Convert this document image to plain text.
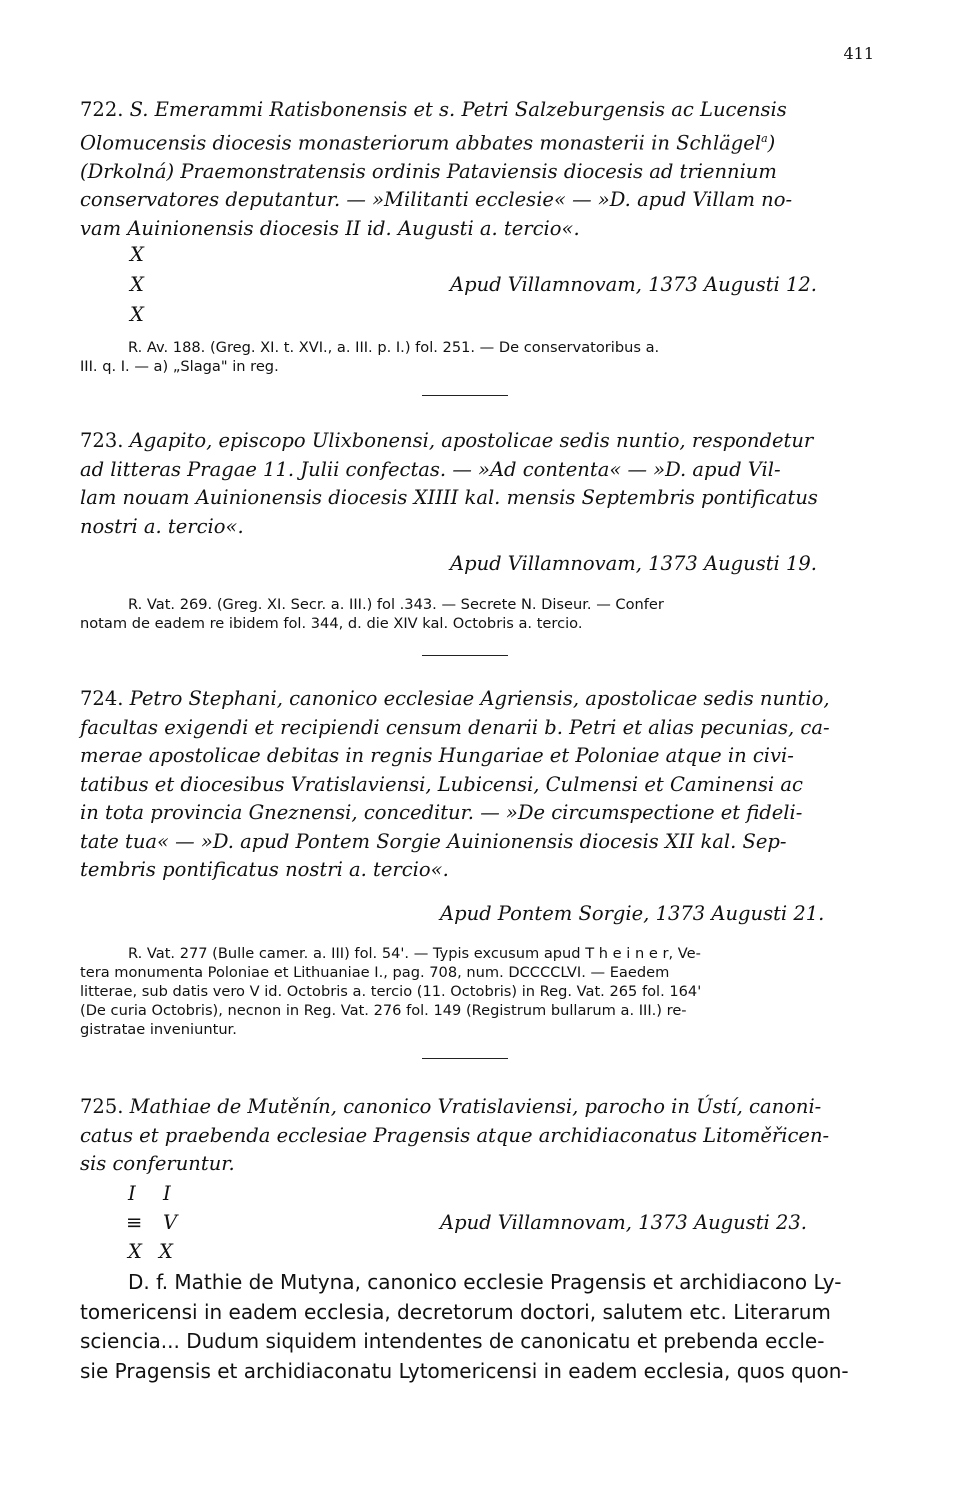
411
722. S. Emerammi Ratisbonensis et s. Petri Salzeburgensis ac Lucensis
Olomucensis diocesis monasteriorum abbates monasterii in Schlägel$^a$)
(Drkolná) Praemonstratensis ordinis Pataviensis diocesis ad triennium
conservatores deputantur. — »Militanti ecclesie« — »D. apud Villam no-
vam Auinionensis diocesis II id. Augusti a. tercio«.
X
X
X
Apud Villamnovam, 1373 Augusti 12.
R. Av. 188. (Greg. XI. t. XVI., a. III. p. I.) fol. 251. — De conservatoribus a.
III. q. I. — a) „Slaga" in reg.
723. Agapito, episcopo Ulixbonensi, apostolicae sedis nuntio, respondetur
ad litteras Pragae 11. Julii confectas. — »Ad contenta« — »D. apud Vil-
lam nouam Auinionensis diocesis XIIII kal. mensis Septembris pontificatus
nostri a. tercio«.
Apud Villamnovam, 1373 Augusti 19.
R. Vat. 269. (Greg. XI. Secr. a. III.) fol .343. — Secrete N. Diseur. — Confer
notam de eadem re ibidem fol. 344, d. die XIV kal. Octobris a. tercio.
724. Petro Stephani, canonico ecclesiae Agriensis, apostolicae sedis nuntio,
facultas exigendi et recipiendi censum denarii b. Petri et alias pecunias, ca-
merae apostolicae debitas in regnis Hungariae et Poloniae atque in civi-
tatibus et diocesibus Vratislaviensi, Lubicensi, Culmensi et Caminensi ac
in tota provincia Gneznensi, conceditur. — »De circumspectione et fideli-
tate tua« — »D. apud Pontem Sorgie Auinionensis diocesis XII kal. Sep-
tembris pontificatus nostri a. tercio«.
Apud Pontem Sorgie, 1373 Augusti 21.
R. Vat. 277 (Bulle camer. a. III) fol. 54'. — Typis excusum apud T h e i n e r, Ve-
tera monumenta Poloniae et Lithuaniae I., pag. 708, num. DCCCCLVI. — Eaedem
litterae, sub datis vero V id. Octobris a. tercio (11. Octobris) in Reg. Vat. 265 fol. 164'
(De curia Octobris), necnon in Reg. Vat. 276 fol. 149 (Registrum bullarum a. III.) re-
gistratae inveniuntur.
725. Mathiae de Mutěnín, canonico Vratislaviensi, parocho in Ústí, canoni-
catus et praebenda ecclesiae Pragensis atque archidiaconatus Litoměřicen-
sis conferuntur.
I I
≡ V
X X
Apud Villamnovam, 1373 Augusti 23.
D. f. Mathie de Mutyna, canonico ecclesie Pragensis et archidiacono Ly-
tomericensi in eadem ecclesia, decretorum doctori, salutem etc. Literarum
sciencia... Dudum siquidem intendentes de canonicatu et prebenda eccle-
sie Pragensis et archidiaconatu Lytomericensi in eadem ecclesia, quos quon-
